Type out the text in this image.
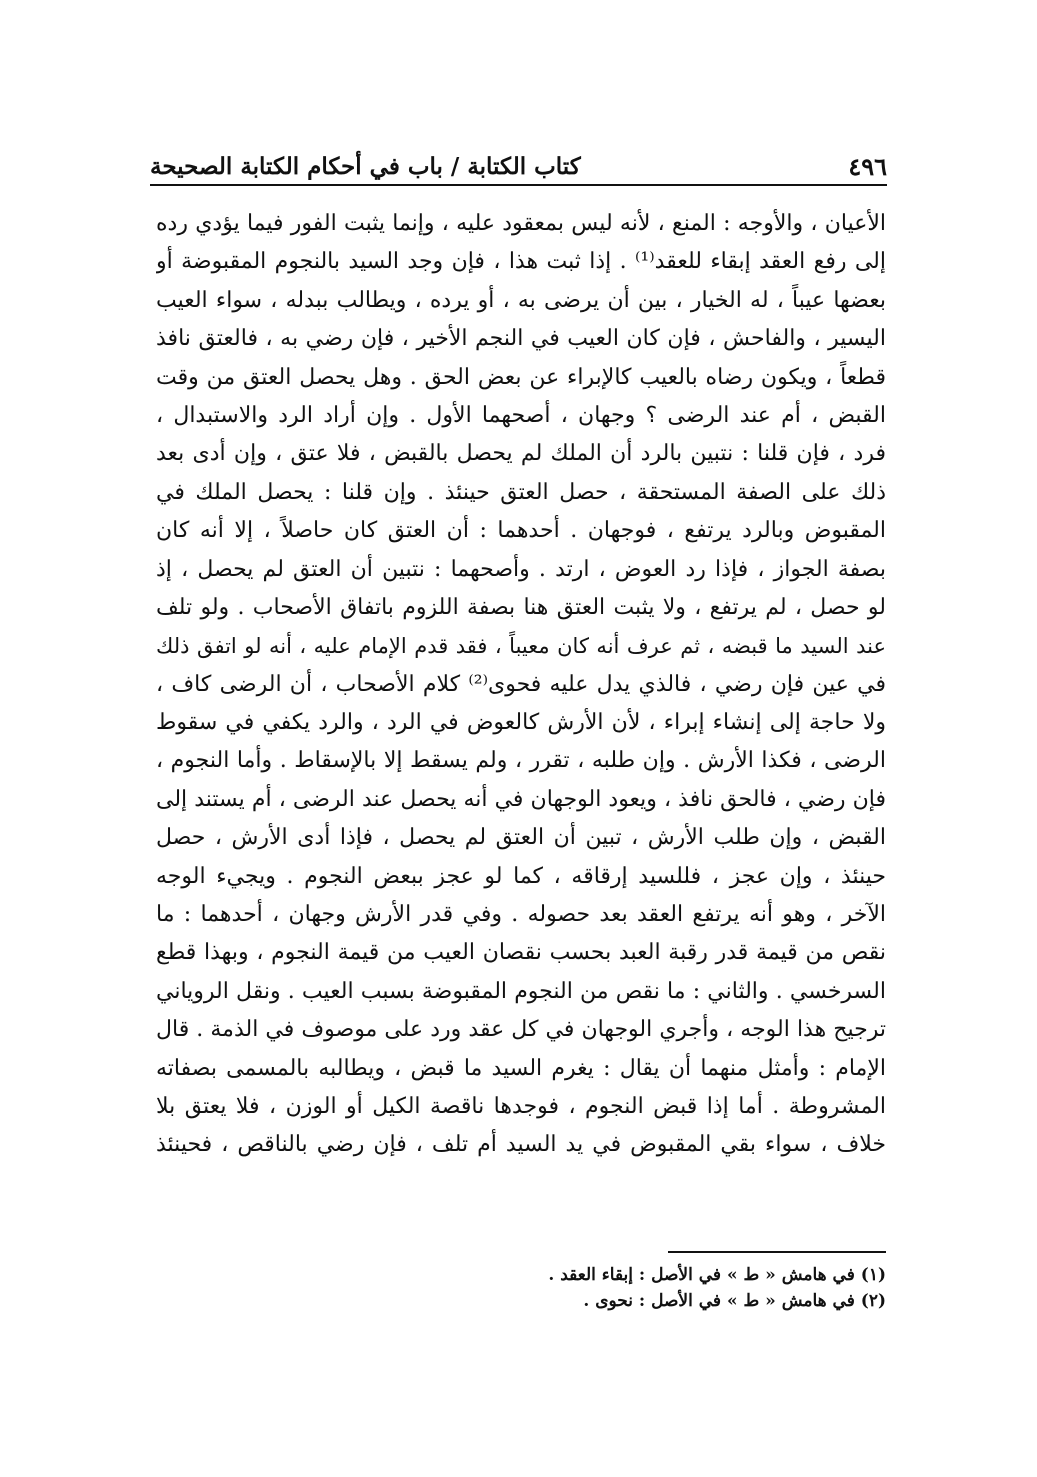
كتاب الكتابة / باب في أحكام الكتابة الصحيحة	٤٩٦
الأعيان ، والأوجه : المنع ، لأنه ليس بمعقود عليه ، وإنما يثبت الفور فيما يؤدي رده
إلى رفع العقد إبقاء للعقد⁽¹⁾ . إذا ثبت هذا ، فإن وجد السيد بالنجوم المقبوضة أو
بعضها عيباً ، له الخيار ، بين أن يرضى به ، أو يرده ، ويطالب ببدله ، سواء العيب
اليسير ، والفاحش ، فإن كان العيب في النجم الأخير ، فإن رضي به ، فالعتق نافذ
قطعاً ، ويكون رضاه بالعيب كالإبراء عن بعض الحق . وهل يحصل العتق من وقت
القبض ، أم عند الرضى ؟ وجهان ، أصحهما الأول . وإن أراد الرد والاستبدال ،
فرد ، فإن قلنا : نتبين بالرد أن الملك لم يحصل بالقبض ، فلا عتق ، وإن أدى بعد
ذلك على الصفة المستحقة ، حصل العتق حينئذ . وإن قلنا : يحصل الملك في
المقبوض وبالرد يرتفع ، فوجهان . أحدهما : أن العتق كان حاصلاً ، إلا أنه كان
بصفة الجواز ، فإذا رد العوض ، ارتد . وأصحهما : نتبين أن العتق لم يحصل ، إذ
لو حصل ، لم يرتفع ، ولا يثبت العتق هنا بصفة اللزوم باتفاق الأصحاب . ولو تلف
عند السيد ما قبضه ، ثم عرف أنه كان معيباً ، فقد قدم الإمام عليه ، أنه لو اتفق ذلك
في عين فإن رضي ، فالذي يدل عليه فحوى⁽²⁾ كلام الأصحاب ، أن الرضى كاف ،
ولا حاجة إلى إنشاء إبراء ، لأن الأرش كالعوض في الرد ، والرد يكفي في سقوط
الرضى ، فكذا الأرش . وإن طلبه ، تقرر ، ولم يسقط إلا بالإسقاط . وأما النجوم ،
فإن رضي ، فالحق نافذ ، ويعود الوجهان في أنه يحصل عند الرضى ، أم يستند إلى
القبض ، وإن طلب الأرش ، تبين أن العتق لم يحصل ، فإذا أدى الأرش ، حصل
حينئذ ، وإن عجز ، فللسيد إرقاقه ، كما لو عجز ببعض النجوم . ويجيء الوجه
الآخر ، وهو أنه يرتفع العقد بعد حصوله . وفي قدر الأرش وجهان ، أحدهما : ما
نقص من قيمة قدر رقبة العبد بحسب نقصان العيب من قيمة النجوم ، وبهذا قطع
السرخسي . والثاني : ما نقص من النجوم المقبوضة بسبب العيب . ونقل الروياني
ترجيح هذا الوجه ، وأجري الوجهان في كل عقد ورد على موصوف في الذمة . قال
الإمام : وأمثل منهما أن يقال : يغرم السيد ما قبض ، ويطالبه بالمسمى بصفاته
المشروطة . أما إذا قبض النجوم ، فوجدها ناقصة الكيل أو الوزن ، فلا يعتق بلا
خلاف ، سواء بقي المقبوض في يد السيد أم تلف ، فإن رضي بالناقص ، فحينئذ
(١) في هامش « ط » في الأصل : إبقاء العقد .
(٢) في هامش « ط » في الأصل : نحوى .
